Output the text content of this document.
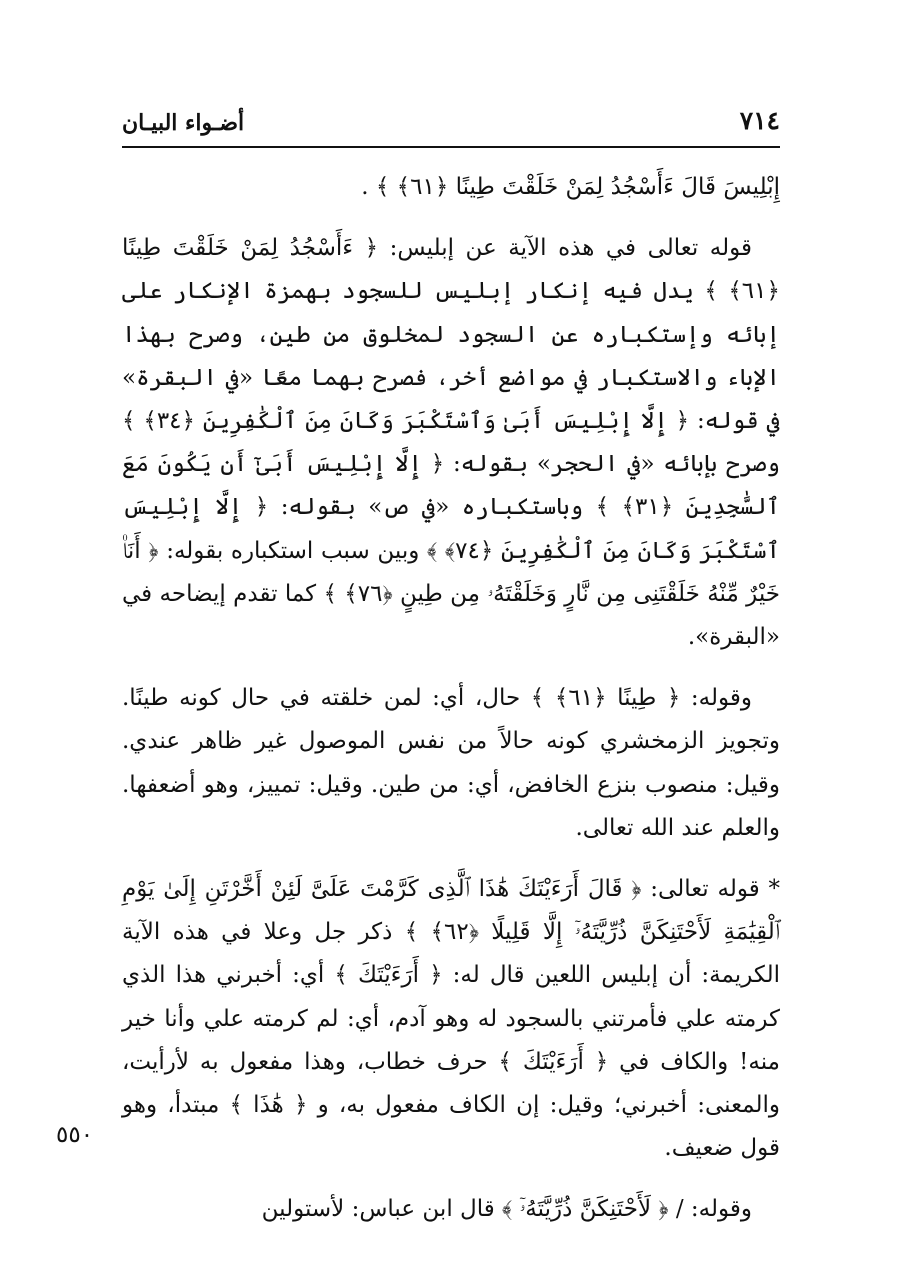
٧١٤
أضـواء البيـان

إِبْلِيسَ قَالَ ءَأَسْجُدُ لِمَنْ خَلَقْتَ طِينًا ﴿٦١﴾ ﴾ .

قوله تعالى في هذه الآية عن إبليس: ﴿ ءَأَسْجُدُ لِمَنْ خَلَقْتَ طِينًا ﴿٦١﴾ ﴾ يدل فيه إنكار إبليس للسجود بهمزة الإنكار على إبائه وإستكباره عن السجود لمخلوق من طين، وصرح بهذا الإباء والاستكبار في مواضع أخر، فصرح بهما معًا «في البقرة» في قوله: ﴿ إِلَّا إِبْلِيسَ أَبَىٰ وَٱسْتَكْبَرَ وَكَانَ مِنَ ٱلْكَٰفِرِينَ ﴿٣٤﴾ ﴾ وصرح بإبائه «في الحجر» بقوله: ﴿ إِلَّا إِبْلِيسَ أَبَىٰٓ أَن يَكُونَ مَعَ ٱلسَّٰجِدِينَ ﴿٣١﴾ ﴾ وباستكباره «في ص» بقوله: ﴿ إِلَّا إِبْلِيسَ ٱسْتَكْبَرَ وَكَانَ مِنَ ٱلْكَٰفِرِينَ ﴿٧٤﴾ ﴾ وبين سبب استكباره بقوله: ﴿ أَنَا۠ خَيْرٌ مِّنْهُ خَلَقْتَنِى مِن نَّارٍ وَخَلَقْتَهُۥ مِن طِينٍ ﴿٧٦﴾ ﴾ كما تقدم إيضاحه في «البقرة».

وقوله: ﴿ طِينًا ﴿٦١﴾ ﴾ حال، أي: لمن خلقته في حال كونه طينًا. وتجويز الزمخشري كونه حالاً من نفس الموصول غير ظاهر عندي. وقيل: منصوب بنزع الخافض، أي: من طين. وقيل: تمييز، وهو أضعفها. والعلم عند الله تعالى.

* قوله تعالى: ﴿ قَالَ أَرَءَيْتَكَ هَٰذَا ٱلَّذِى كَرَّمْتَ عَلَىَّ لَئِنْ أَخَّرْتَنِ إِلَىٰ يَوْمِ ٱلْقِيَٰمَةِ لَأَحْتَنِكَنَّ ذُرِّيَّتَهُۥٓ إِلَّا قَلِيلًا ﴿٦٢﴾ ﴾ ذكر جل وعلا في هذه الآية الكريمة: أن إبليس اللعين قال له: ﴿ أَرَءَيْتَكَ ﴾ أي: أخبرني هذا الذي كرمته علي فأمرتني بالسجود له وهو آدم، أي: لم كرمته علي وأنا خير منه! والكاف في ﴿ أَرَءَيْتَكَ ﴾ حرف خطاب، وهذا مفعول به لأرأيت، والمعنى: أخبرني؛ وقيل: إن الكاف مفعول به، و ﴿ هَٰذَا ﴾ مبتدأ، وهو قول ضعيف.

وقوله: / ﴿ لَأَحْتَنِكَنَّ ذُرِّيَّتَهُۥٓ ﴾ قال ابن عباس: لأستولين

٥٥٠
